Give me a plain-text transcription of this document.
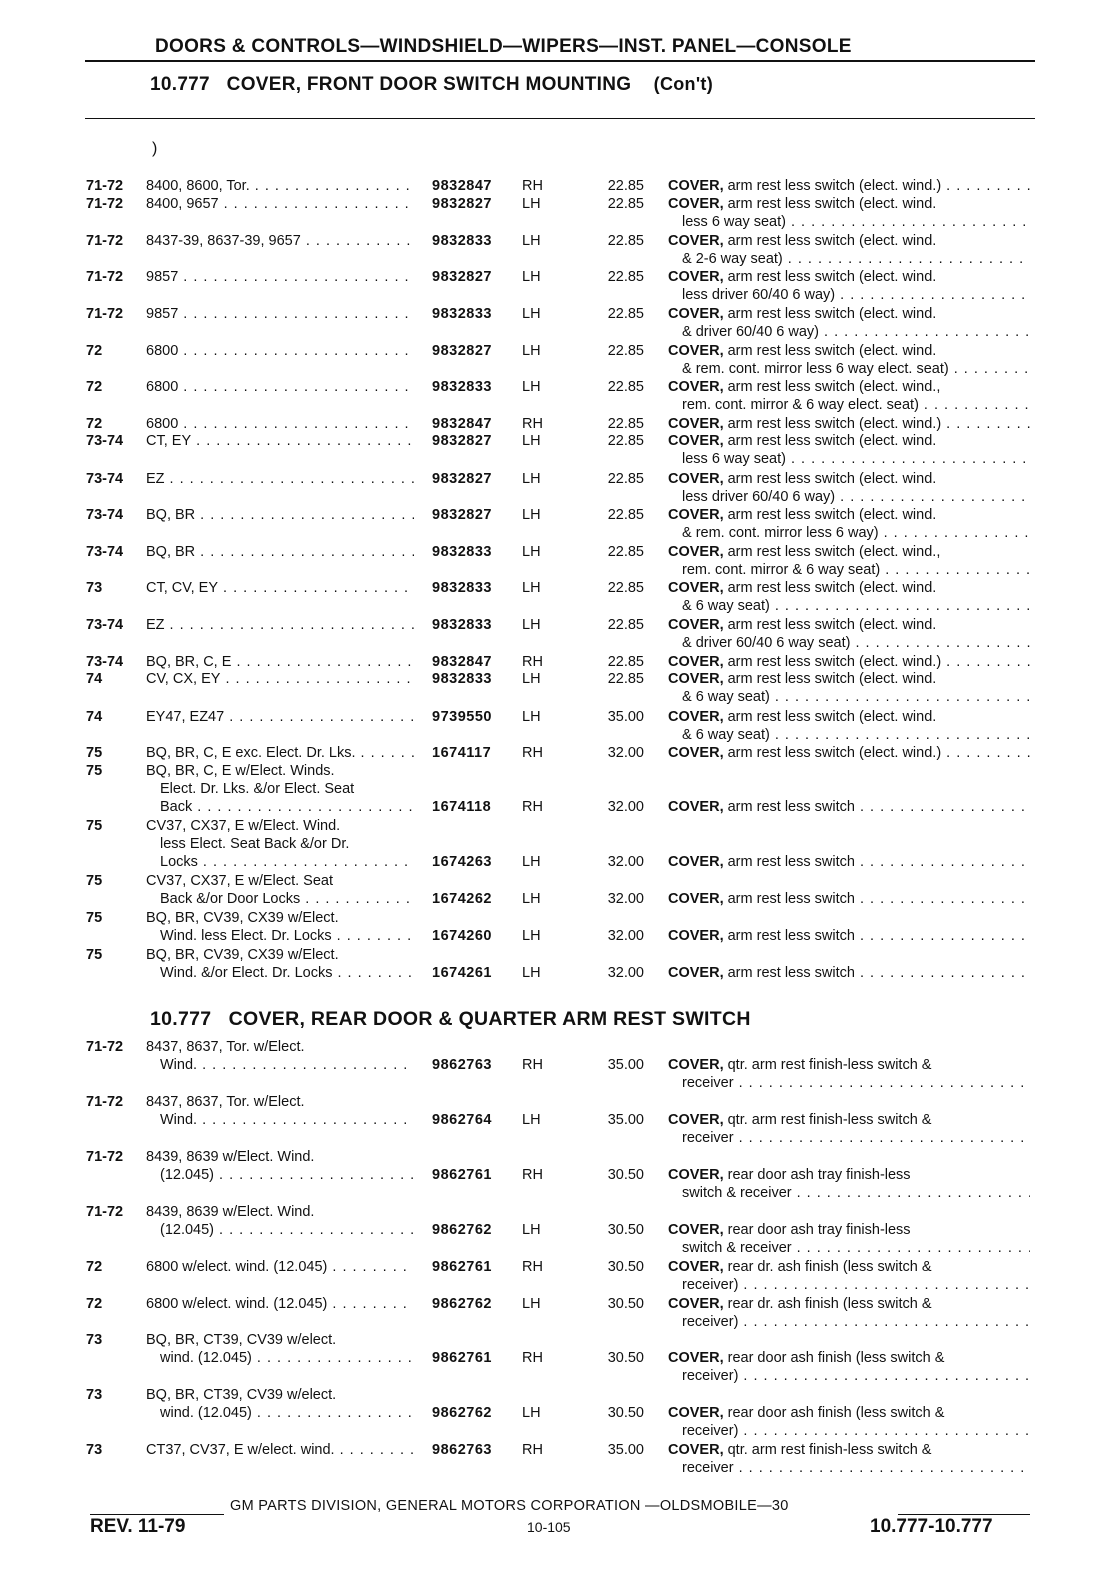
DOORS & CONTROLS—WINDSHIELD—WIPERS—INST. PANEL—CONSOLE
10.777 COVER, FRONT DOOR SWITCH MOUNTING (Con't)
)
71-72	8400, 8600, Tor. . . .	9832847	RH	22.85 COVER, arm rest less switch (elect. wind.) . . .
71-72	8400, 9657 . . .	9832827	LH	22.85 COVER, arm rest less switch (elect. wind.
less 6 way seat) . . .
71-72	8437-39, 8637-39, 9657 . . .	9832833	LH	22.85 COVER, arm rest less switch (elect. wind.
& 2-6 way seat) . . .
71-72	9857 . . .	9832827	LH	22.85 COVER, arm rest less switch (elect. wind.
less driver 60/40 6 way) . . .
71-72	9857 . . .	9832833	LH	22.85 COVER, arm rest less switch (elect. wind.
& driver 60/40 6 way) . . .
72	6800 . . .	9832827	LH	22.85 COVER, arm rest less switch (elect. wind.
& rem. cont. mirror less 6 way elect. seat) . . .
72	6800 . . .	9832833	LH	22.85 COVER, arm rest less switch (elect. wind.,
rem. cont. mirror & 6 way elect. seat) . . .
72	6800 . . .	9832847	RH	22.85 COVER, arm rest less switch (elect. wind.) . . .
73-74	CT, EY . . .	9832827	LH	22.85 COVER, arm rest less switch (elect. wind.
less 6 way seat) . . .
73-74	EZ . . .	9832827	LH	22.85 COVER, arm rest less switch (elect. wind.
less driver 60/40 6 way) . . .
73-74	BQ, BR . . .	9832827	LH	22.85 COVER, arm rest less switch (elect. wind.
& rem. cont. mirror less 6 way) . . .
73-74	BQ, BR . . .	9832833	LH	22.85 COVER, arm rest less switch (elect. wind.,
rem. cont. mirror & 6 way seat) . . .
73	CT, CV, EY . . .	9832833	LH	22.85 COVER, arm rest less switch (elect. wind.
& 6 way seat) . . .
73-74	EZ . . .	9832833	LH	22.85 COVER, arm rest less switch (elect. wind.
& driver 60/40 6 way seat) . . .
73-74	BQ, BR, C, E . . .	9832847	RH	22.85 COVER, arm rest less switch (elect. wind.) . . .
74	CV, CX, EY . . .	9832833	LH	22.85 COVER, arm rest less switch (elect. wind.
& 6 way seat) . . .
74	EY47, EZ47 . . .	9739550	LH	35.00 COVER, arm rest less switch (elect. wind.
& 6 way seat) . . .
75	BQ, BR, C, E exc. Elect. Dr. Lks. . . .	1674117	RH	32.00 COVER, arm rest less switch (elect. wind.) . . .
75	BQ, BR, C, E w/Elect. Winds.
Elect. Dr. Lks. &/or Elect. Seat
Back . . .	1674118	RH	32.00 COVER, arm rest less switch . . .
75	CV37, CX37, E w/Elect. Wind.
less Elect. Seat Back &/or Dr.
Locks . . .	1674263	LH	32.00 COVER, arm rest less switch . . .
75	CV37, CX37, E w/Elect. Seat
Back &/or Door Locks . . .	1674262	LH	32.00 COVER, arm rest less switch . . .
75	BQ, BR, CV39, CX39 w/Elect.
Wind. less Elect. Dr. Locks . . .	1674260	LH	32.00 COVER, arm rest less switch . . .
75	BQ, BR, CV39, CX39 w/Elect.
Wind. &/or Elect. Dr. Locks . . .	1674261	LH	32.00 COVER, arm rest less switch . . .
10.777 COVER, REAR DOOR & QUARTER ARM REST SWITCH
71-72	8437, 8637, Tor. w/Elect.
Wind. . . .	9862763	RH	35.00 COVER, qtr. arm rest finish-less switch &
receiver . . .
71-72	8437, 8637, Tor. w/Elect.
Wind. . . .	9862764	LH	35.00 COVER, qtr. arm rest finish-less switch &
receiver . . .
71-72	8439, 8639 w/Elect. Wind.
(12.045) . . .	9862761	RH	30.50 COVER, rear door ash tray finish-less
switch & receiver . . .
71-72	8439, 8639 w/Elect. Wind.
(12.045) . . .	9862762	LH	30.50 COVER, rear door ash tray finish-less
switch & receiver . . .
72	6800 w/elect. wind. (12.045) . . .	9862761	RH	30.50 COVER, rear dr. ash finish (less switch &
receiver) . . .
72	6800 w/elect. wind. (12.045) . . .	9862762	LH	30.50 COVER, rear dr. ash finish (less switch &
receiver) . . .
73	BQ, BR, CT39, CV39 w/elect.
wind. (12.045) . . .	9862761	RH	30.50 COVER, rear door ash finish (less switch &
receiver) . . .
73	BQ, BR, CT39, CV39 w/elect.
wind. (12.045) . . .	9862762	LH	30.50 COVER, rear door ash finish (less switch &
receiver) . . .
73	CT37, CV37, E w/elect. wind. . . .	9862763	RH	35.00 COVER, qtr. arm rest finish-less switch &
receiver . . .
GM PARTS DIVISION, GENERAL MOTORS CORPORATION —OLDSMOBILE—30
REV. 11-79	10-105	10.777-10.777
